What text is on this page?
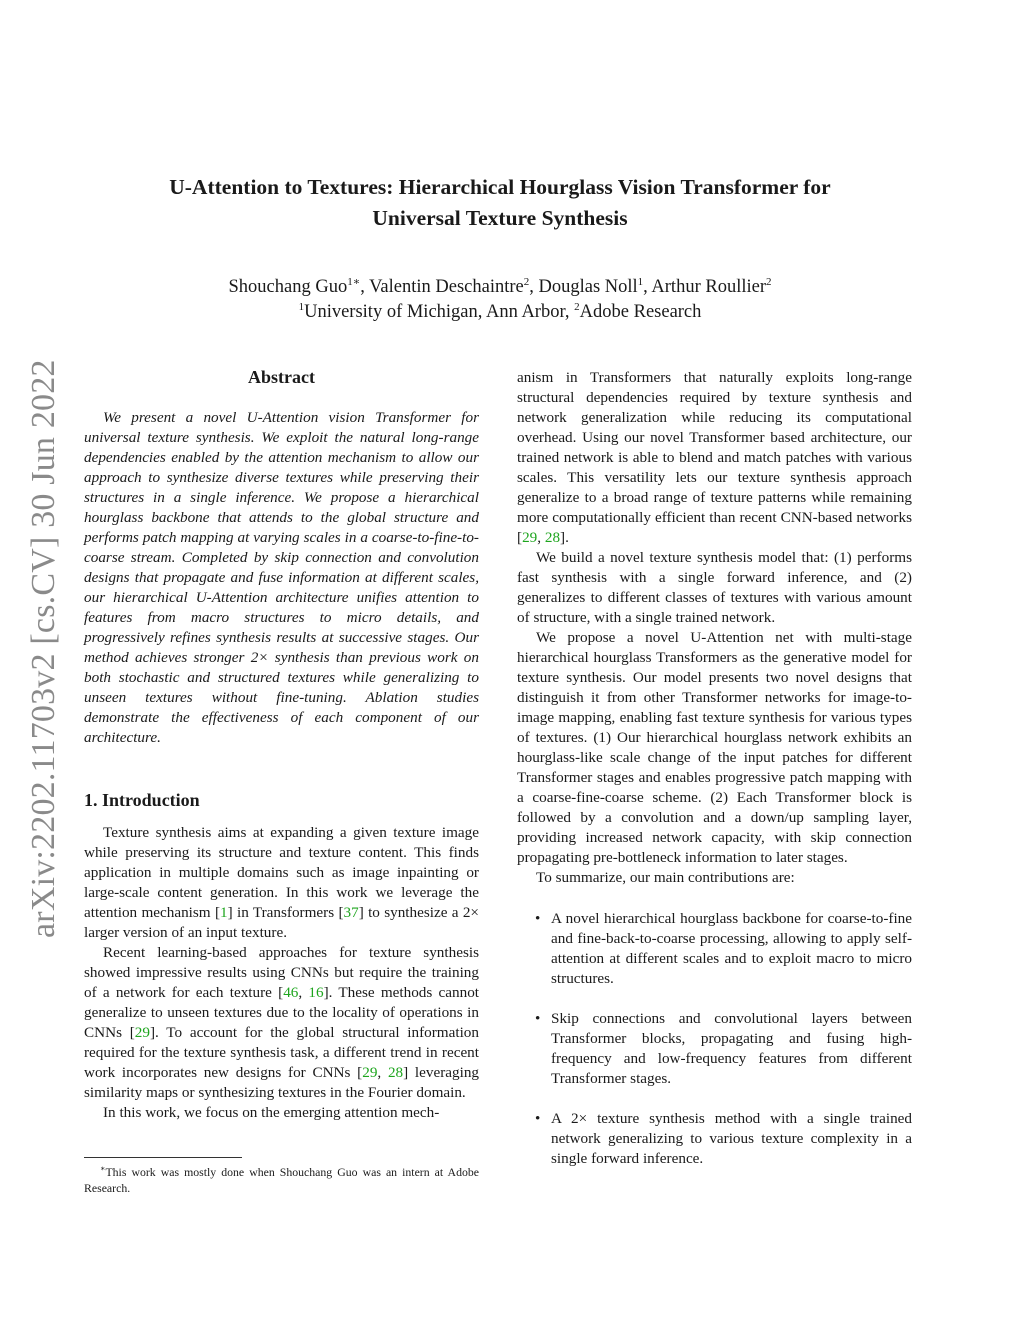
arXiv:2202.11703v2 [cs.CV] 30 Jun 2022
U-Attention to Textures: Hierarchical Hourglass Vision Transformer for
Universal Texture Synthesis
Shouchang Guo$^{1∗}$, Valentin Deschaintre$^2$, Douglas Noll$^1$, Arthur Roullier$^2$
$^1$University of Michigan, Ann Arbor, $^2$Adobe Research
Abstract

We present a novel U-Attention vision Transformer for universal texture synthesis. We exploit the natural long-range dependencies enabled by the attention mechanism to allow our approach to synthesize diverse textures while preserving their structures in a single inference. We propose a hierarchical hourglass backbone that attends to the global structure and performs patch mapping at varying scales in a coarse-to-fine-to-coarse stream. Completed by skip connection and convolution designs that propagate and fuse information at different scales, our hierarchical U-Attention architecture unifies attention to features from macro structures to micro details, and progressively refines synthesis results at successive stages. Our method achieves stronger 2× synthesis than previous work on both stochastic and structured textures while generalizing to unseen textures without fine-tuning. Ablation studies demonstrate the effectiveness of each component of our architecture.

1. Introduction

Texture synthesis aims at expanding a given texture image while preserving its structure and texture content. This finds application in multiple domains such as image inpainting or large-scale content generation. In this work we leverage the attention mechanism [1] in Transformers [37] to synthesize a 2× larger version of an input texture.

Recent learning-based approaches for texture synthesis showed impressive results using CNNs but require the training of a network for each texture [46, 16]. These methods cannot generalize to unseen textures due to the locality of operations in CNNs [29]. To account for the global structural information required for the texture synthesis task, a different trend in recent work incorporates new designs for CNNs [29, 28] leveraging similarity maps or synthesizing textures in the Fourier domain.

In this work, we focus on the emerging attention mech-

∗This work was mostly done when Shouchang Guo was an intern at Adobe Research.

anism in Transformers that naturally exploits long-range structural dependencies required by texture synthesis and network generalization while reducing its computational overhead. Using our novel Transformer based architecture, our trained network is able to blend and match patches with various scales. This versatility lets our texture synthesis approach generalize to a broad range of texture patterns while remaining more computationally efficient than recent CNN-based networks [29, 28].

We build a novel texture synthesis model that: (1) performs fast synthesis with a single forward inference, and (2) generalizes to different classes of textures with various amount of structure, with a single trained network.

We propose a novel U-Attention net with multi-stage hierarchical hourglass Transformers as the generative model for texture synthesis. Our model presents two novel designs that distinguish it from other Transformer networks for image-to-image mapping, enabling fast texture synthesis for various types of textures. (1) Our hierarchical hourglass network exhibits an hourglass-like scale change of the input patches for different Transformer stages and enables progressive patch mapping with a coarse-fine-coarse scheme. (2) Each Transformer block is followed by a convolution and a down/up sampling layer, providing increased network capacity, with skip connection propagating pre-bottleneck information to later stages.

To summarize, our main contributions are:

• A novel hierarchical hourglass backbone for coarse-to-fine and fine-back-to-coarse processing, allowing to apply self-attention at different scales and to exploit macro to micro structures.
• Skip connections and convolutional layers between Transformer blocks, propagating and fusing high-frequency and low-frequency features from different Transformer stages.
• A 2× texture synthesis method with a single trained network generalizing to various texture complexity in a single forward inference.
